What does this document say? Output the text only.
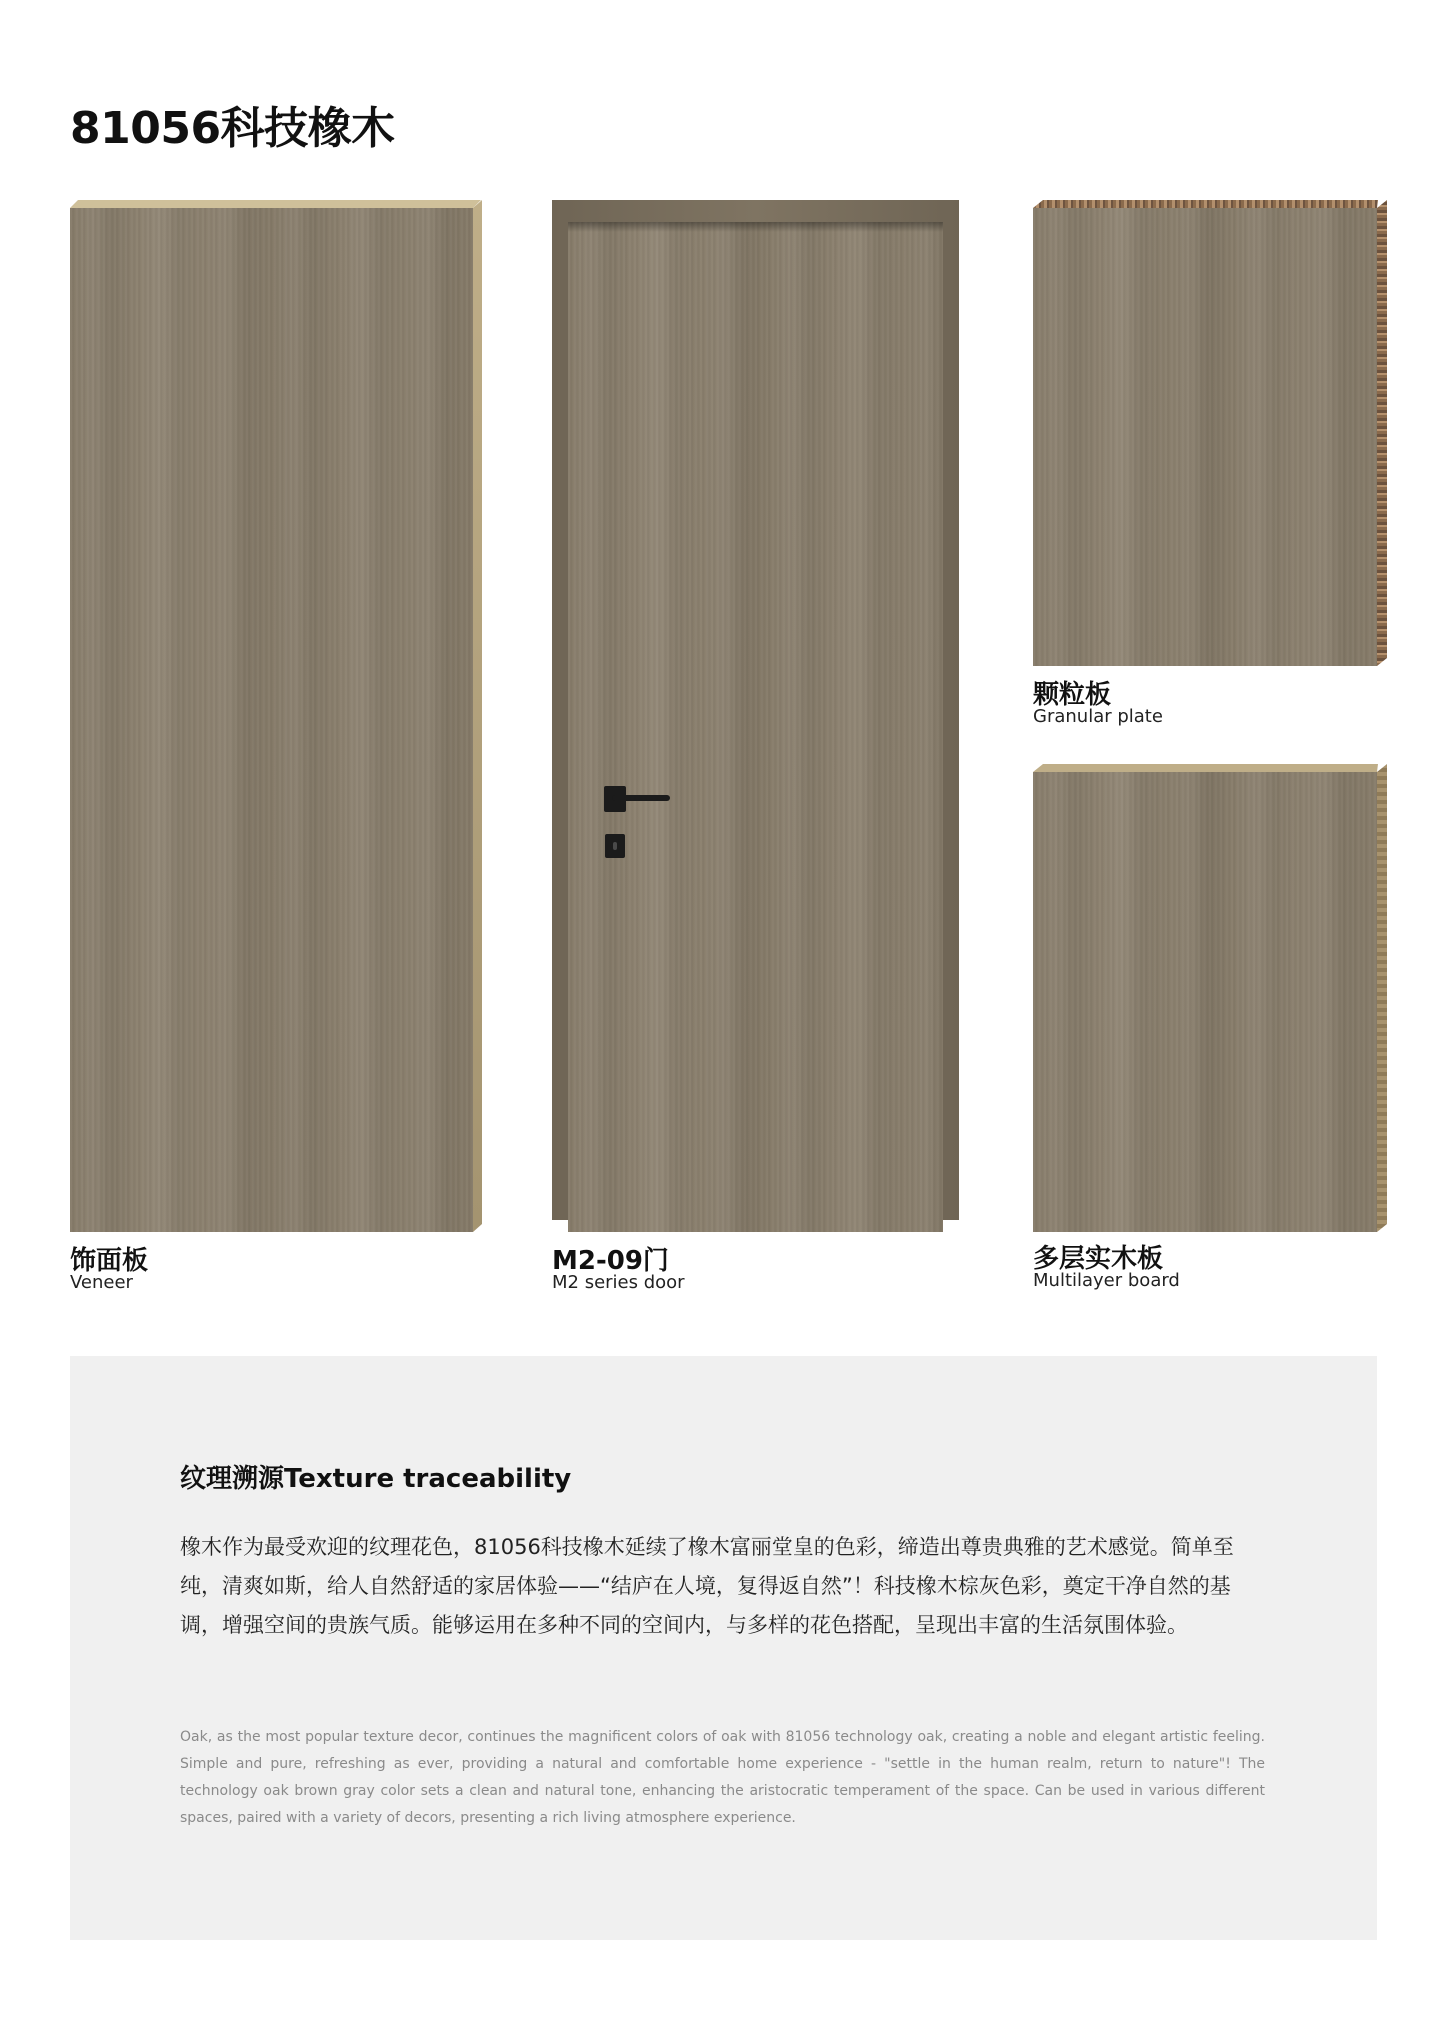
81056科技橡木
饰面板
Veneer
M2-09门
M2 series door
颗粒板
Granular plate
多层实木板
Multilayer board
纹理溯源Texture traceability
橡木作为最受欢迎的纹理花色，81056科技橡木延续了橡木富丽堂皇的色彩，缔造出尊贵典雅的艺术感觉。简单至纯，清爽如斯，给人自然舒适的家居体验——“结庐在人境，复得返自然”！科技橡木棕灰色彩，奠定干净自然的基调，增强空间的贵族气质。能够运用在多种不同的空间内，与多样的花色搭配，呈现出丰富的生活氛围体验。
Oak, as the most popular texture decor, continues the magnificent colors of oak with 81056 technology oak, creating a noble and elegant artistic feeling. Simple and pure, refreshing as ever, providing a natural and comfortable home experience - "settle in the human realm, return to nature"! The technology oak brown gray color sets a clean and natural tone, enhancing the aristocratic temperament of the space. Can be used in various different spaces, paired with a variety of decors, presenting a rich living atmosphere experience.
